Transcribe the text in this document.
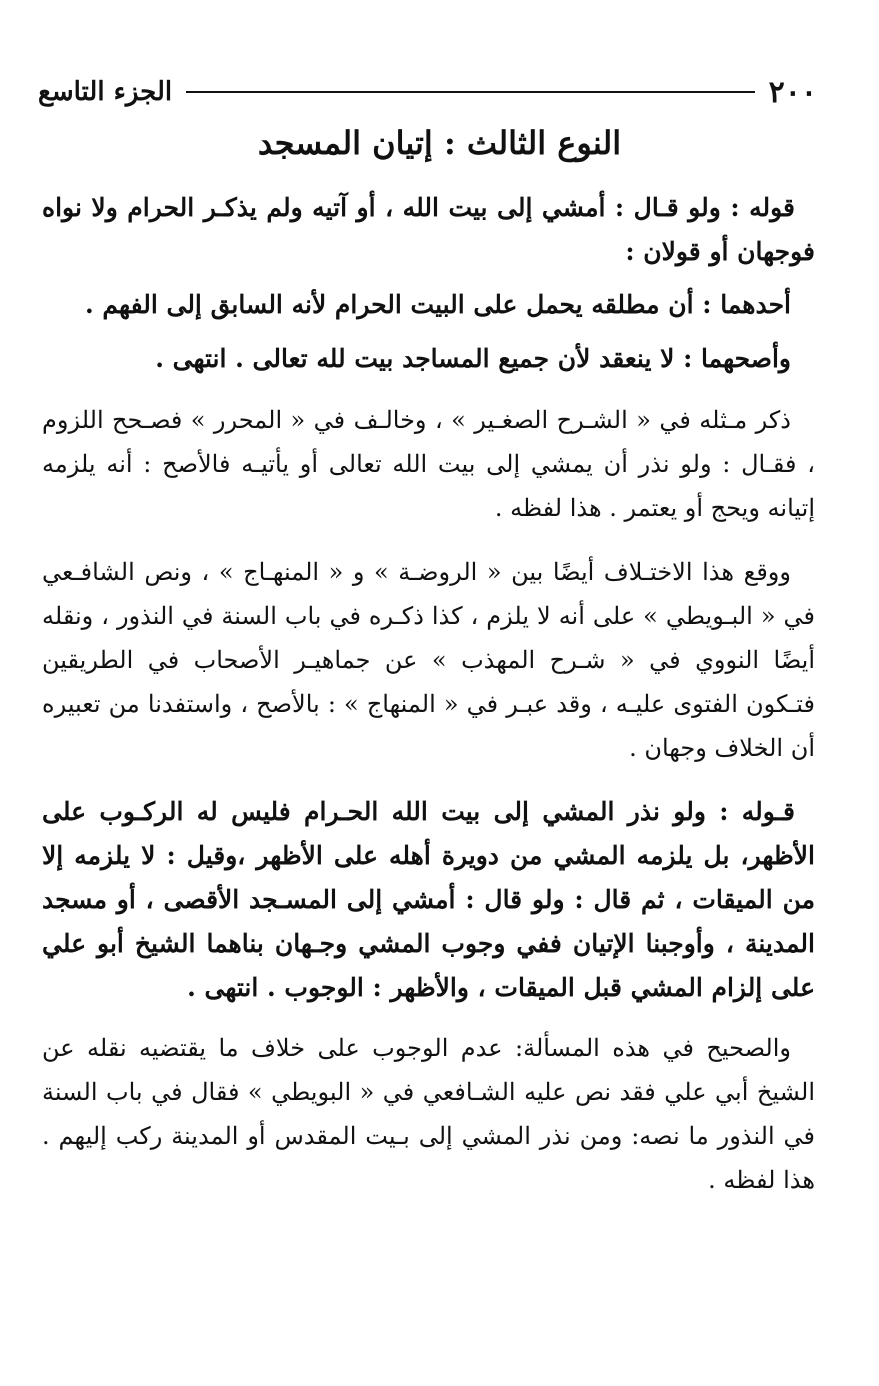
٢٠٠
الجزء التاسع
النوع الثالث : إتيان المسجد

قوله : ولو قـال : أمشي إلى بيت الله ، أو آتيه ولم يذكـر الحرام ولا نواه فوجهان أو قولان :

أحدهما : أن مطلقه يحمل على البيت الحرام لأنه السابق إلى الفهم .

وأصحهما : لا ينعقد لأن جميع المساجد بيت لله تعالى . انتهى .

ذكر مـثله في « الشـرح الصغـير » ، وخالـف في « المحرر » فصـحح اللزوم ، فقـال : ولو نذر أن يمشي إلى بيت الله تعالى أو يأتيـه فالأصح : أنه يلزمه إتيانه ويحج أو يعتمر . هذا لفظه .

ووقع هذا الاختـلاف أيضًا بين « الروضـة » و « المنهـاج » ، ونص الشافـعي في « البـويطي » على أنه لا يلزم ، كذا ذكـره في باب السنة في النذور ، ونقله أيضًا النووي في « شـرح المهذب » عن جماهيـر الأصحاب في الطريقين فتـكون الفتوى عليـه ، وقد عبـر في « المنهاج » : بالأصح ، واستفدنا من تعبيره أن الخلاف وجهان .

قـوله : ولو نذر المشي إلى بيت الله الحـرام فليس له الركـوب على الأظهر، بل يلزمه المشي من دويرة أهله على الأظهر ،وقيل : لا يلزمه إلا من الميقات ، ثم قال : ولو قال : أمشي إلى المسـجد الأقصى ، أو مسجد المدينة ، وأوجبنا الإتيان ففي وجوب المشي وجـهان بناهما الشيخ أبو علي على إلزام المشي قبل الميقات ، والأظهر : الوجوب . انتهى .

والصحيح في هذه المسألة: عدم الوجوب على خلاف ما يقتضيه نقله عن الشيخ أبي علي فقد نص عليه الشـافعي في « البويطي » فقال في باب السنة في النذور ما نصه: ومن نذر المشي إلى بـيت المقدس أو المدينة ركب إليهم . هذا لفظه .
